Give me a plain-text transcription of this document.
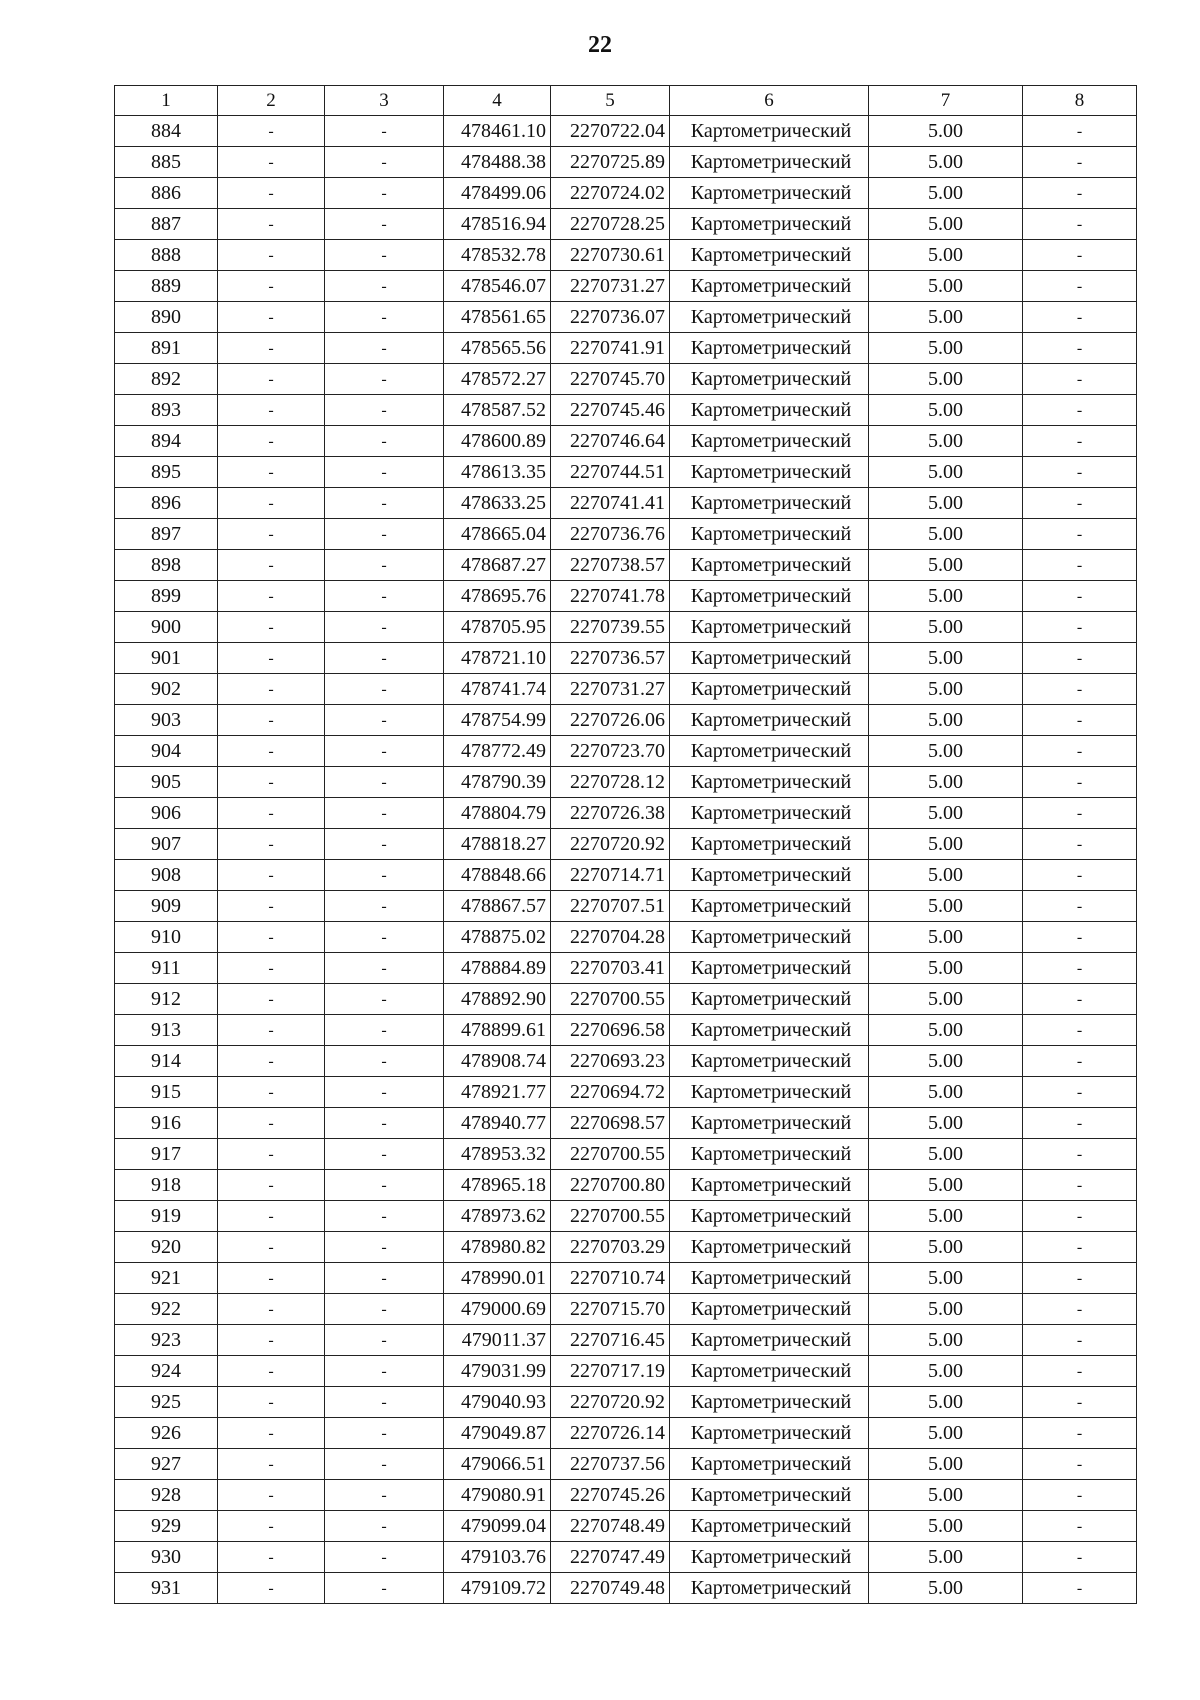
22
1	2	3	4	5	6	7	8
884	-	-	478461.10	2270722.04	Картометрический	5.00	-
885	-	-	478488.38	2270725.89	Картометрический	5.00	-
886	-	-	478499.06	2270724.02	Картометрический	5.00	-
887	-	-	478516.94	2270728.25	Картометрический	5.00	-
888	-	-	478532.78	2270730.61	Картометрический	5.00	-
889	-	-	478546.07	2270731.27	Картометрический	5.00	-
890	-	-	478561.65	2270736.07	Картометрический	5.00	-
891	-	-	478565.56	2270741.91	Картометрический	5.00	-
892	-	-	478572.27	2270745.70	Картометрический	5.00	-
893	-	-	478587.52	2270745.46	Картометрический	5.00	-
894	-	-	478600.89	2270746.64	Картометрический	5.00	-
895	-	-	478613.35	2270744.51	Картометрический	5.00	-
896	-	-	478633.25	2270741.41	Картометрический	5.00	-
897	-	-	478665.04	2270736.76	Картометрический	5.00	-
898	-	-	478687.27	2270738.57	Картометрический	5.00	-
899	-	-	478695.76	2270741.78	Картометрический	5.00	-
900	-	-	478705.95	2270739.55	Картометрический	5.00	-
901	-	-	478721.10	2270736.57	Картометрический	5.00	-
902	-	-	478741.74	2270731.27	Картометрический	5.00	-
903	-	-	478754.99	2270726.06	Картометрический	5.00	-
904	-	-	478772.49	2270723.70	Картометрический	5.00	-
905	-	-	478790.39	2270728.12	Картометрический	5.00	-
906	-	-	478804.79	2270726.38	Картометрический	5.00	-
907	-	-	478818.27	2270720.92	Картометрический	5.00	-
908	-	-	478848.66	2270714.71	Картометрический	5.00	-
909	-	-	478867.57	2270707.51	Картометрический	5.00	-
910	-	-	478875.02	2270704.28	Картометрический	5.00	-
911	-	-	478884.89	2270703.41	Картометрический	5.00	-
912	-	-	478892.90	2270700.55	Картометрический	5.00	-
913	-	-	478899.61	2270696.58	Картометрический	5.00	-
914	-	-	478908.74	2270693.23	Картометрический	5.00	-
915	-	-	478921.77	2270694.72	Картометрический	5.00	-
916	-	-	478940.77	2270698.57	Картометрический	5.00	-
917	-	-	478953.32	2270700.55	Картометрический	5.00	-
918	-	-	478965.18	2270700.80	Картометрический	5.00	-
919	-	-	478973.62	2270700.55	Картометрический	5.00	-
920	-	-	478980.82	2270703.29	Картометрический	5.00	-
921	-	-	478990.01	2270710.74	Картометрический	5.00	-
922	-	-	479000.69	2270715.70	Картометрический	5.00	-
923	-	-	479011.37	2270716.45	Картометрический	5.00	-
924	-	-	479031.99	2270717.19	Картометрический	5.00	-
925	-	-	479040.93	2270720.92	Картометрический	5.00	-
926	-	-	479049.87	2270726.14	Картометрический	5.00	-
927	-	-	479066.51	2270737.56	Картометрический	5.00	-
928	-	-	479080.91	2270745.26	Картометрический	5.00	-
929	-	-	479099.04	2270748.49	Картометрический	5.00	-
930	-	-	479103.76	2270747.49	Картометрический	5.00	-
931	-	-	479109.72	2270749.48	Картометрический	5.00	-
